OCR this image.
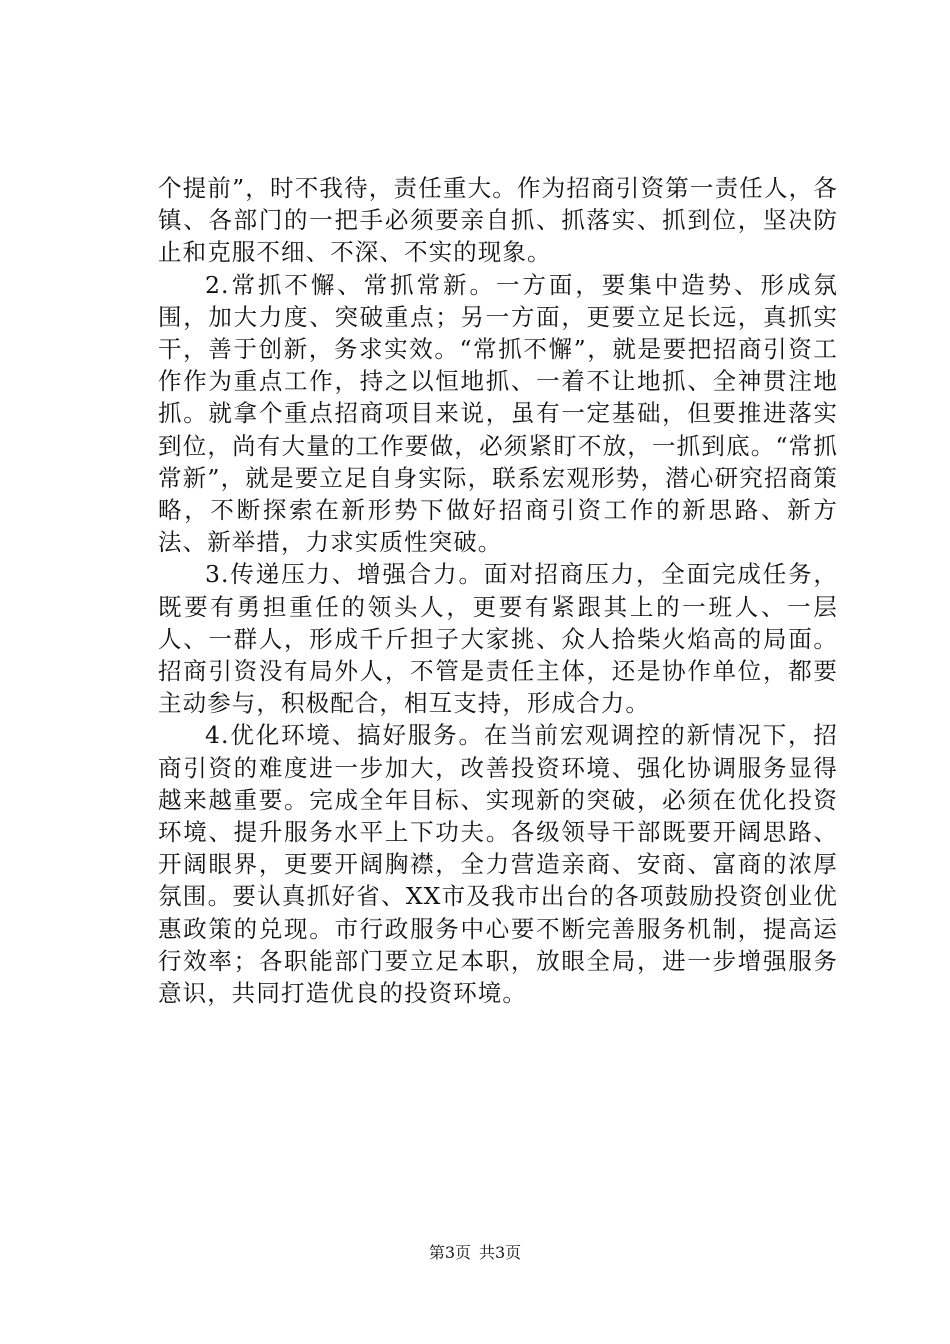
个提前”，时不我待，责任重大。作为招商引资第一责任人，各镇、各部门的一把手必须要亲自抓、抓落实、抓到位，坚决防止和克服不细、不深、不实的现象。

2.常抓不懈、常抓常新。一方面，要集中造势、形成氛围，加大力度、突破重点；另一方面，更要立足长远，真抓实干，善于创新，务求实效。“常抓不懈”，就是要把招商引资工作作为重点工作，持之以恒地抓、一着不让地抓、全神贯注地抓。就拿个重点招商项目来说，虽有一定基础，但要推进落实到位，尚有大量的工作要做，必须紧盯不放，一抓到底。“常抓常新”，就是要立足自身实际，联系宏观形势，潜心研究招商策略，不断探索在新形势下做好招商引资工作的新思路、新方法、新举措，力求实质性突破。

3.传递压力、增强合力。面对招商压力，全面完成任务，既要有勇担重任的领头人，更要有紧跟其上的一班人、一层人、一群人，形成千斤担子大家挑、众人拾柴火焰高的局面。招商引资没有局外人，不管是责任主体，还是协作单位，都要主动参与，积极配合，相互支持，形成合力。

4.优化环境、搞好服务。在当前宏观调控的新情况下，招商引资的难度进一步加大，改善投资环境、强化协调服务显得越来越重要。完成全年目标、实现新的突破，必须在优化投资环境、提升服务水平上下功夫。各级领导干部既要开阔思路、开阔眼界，更要开阔胸襟，全力营造亲商、安商、富商的浓厚氛围。要认真抓好省、XX市及我市出台的各项鼓励投资创业优惠政策的兑现。市行政服务中心要不断完善服务机制，提高运行效率；各职能部门要立足本职，放眼全局，进一步增强服务意识，共同打造优良的投资环境。

第3页 共3页
